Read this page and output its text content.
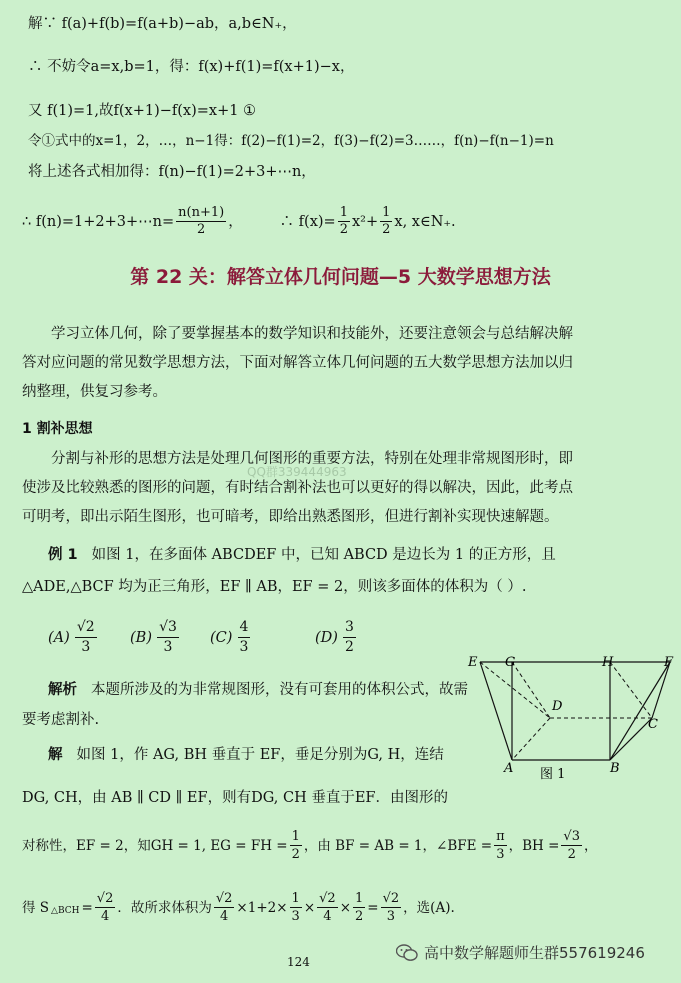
解∵ f(a)+f(b)=f(a+b)−ab，a,b∈N₊，
∴ 不妨令a=x,b=1，得：f(x)+f(1)=f(x+1)−x，
又 f(1)=1,故f(x+1)−f(x)=x+1 ①
令①式中的x=1，2，…，n−1得：f(2)−f(1)=2，f(3)−f(2)=3……，f(n)−f(n−1)=n
将上述各式相加得：f(n)−f(1)=2+3+⋯n，
∴ f(n)=1+2+3+⋯n= $\frac{n(n+1)}{2}$ ，        ∴ $f(x)= \frac{1}{2} x^2+ \frac{1}{2} x$, x∈N₊.
第 22 关：解答立体几何问题—5 大数学思想方法
学习立体几何，除了要掌握基本的数学知识和技能外，还要注意领会与总结解决解答对应问题的常见数学思想方法，下面对解答立体几何问题的五大数学思想方法加以归纳整理，供复习参考。
1 割补思想
分割与补形的思想方法是处理几何图形的重要方法，特别在处理非常规图形时，即使涉及比较熟悉的图形的问题，有时结合割补法也可以更好的得以解决，因此，此考点可明考，即出示陌生图形，也可暗考，即给出熟悉图形，但进行割补实现快速解题。
QQ群339444963
例 1 如图 1，在多面体 ABCDEF 中，已知 ABCD 是边长为 1 的正方形，且
△ADE,△BCF 均为正三角形，EF ∥ AB，EF = 2，则该多面体的体积为（ ）.
$(A) \frac{√2}{3} (B) \frac{√3}{3} (C) \frac{4}{3}$	$(D) \frac{3}{2}$
解析 本题所涉及的为非常规图形，没有可套用的体积公式，故需
要考虑割补.
解 如图 1，作 AG, BH 垂直于 EF，垂足分别为G, H，连结
DG, CH，由 AB ∥ CD ∥ EF，则有DG, CH 垂直于EF．由图形的
对称性，EF = 2，知GH = 1, EG = FH = $\frac{1}{2}$ ，由 BF = AB = 1，∠BFE = $\frac{\pi}{3}$ ，BH = $\frac{√3}{2}$ ，
得 S △BCH = $\frac{√2}{4}$ ．故所求体积为 $\frac{√2}{4} \times 1+2\times \frac{1}{3} \times \frac{√2}{4} \times \frac{1}{2} = \frac{√2}{3}$ ，选(A).
E G	H	F
D
C
A	B
图 1
124	高中数学解题师生群557619246
